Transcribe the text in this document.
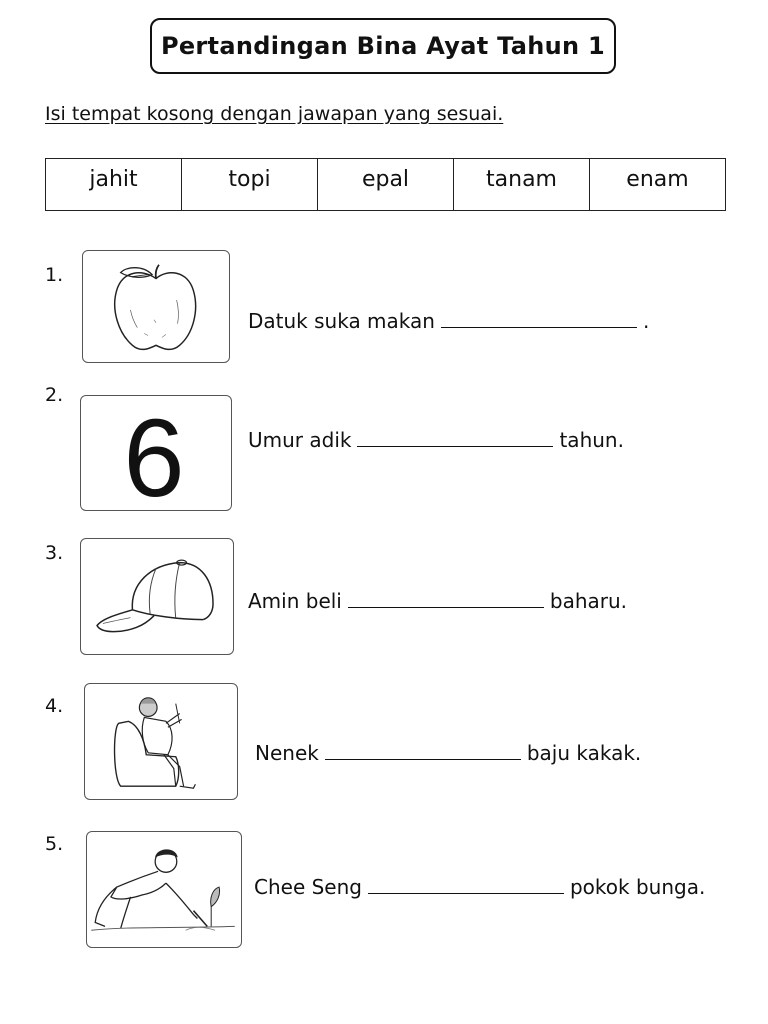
Pertandingan Bina Ayat Tahun 1
Isi tempat kosong dengan jawapan yang sesuai.
jahit	topi	epal	tanam	enam
1.
Datuk suka makan	.
2.
6	Umur adik	tahun.
3.
Amin beli	baharu.
4.
Nenek	baju kakak.
5.
Chee Seng	pokok bunga.
